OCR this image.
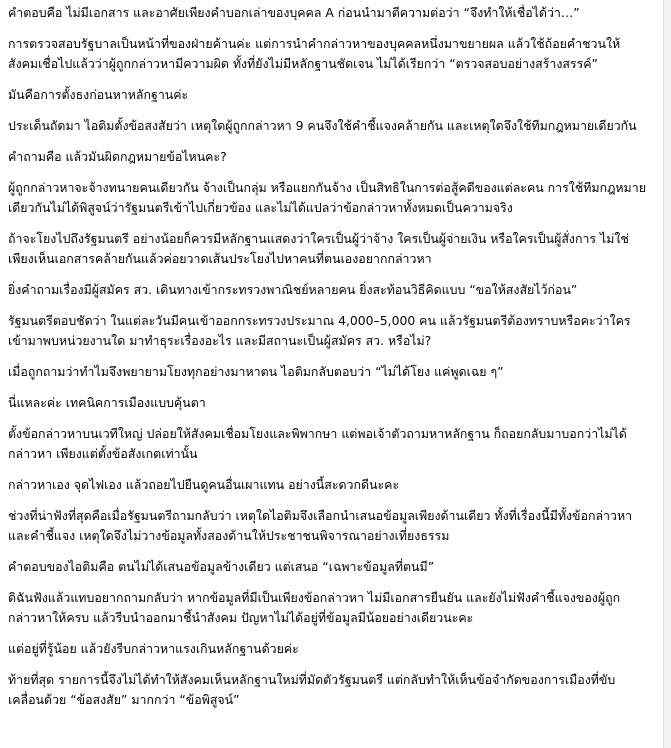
คำตอบคือ ไม่มีเอกสาร และอาศัยเพียงคำบอกเล่าของบุคคล A ก่อนนำมาตีความต่อว่า “จึงทำให้เชื่อได้ว่า…”

การตรวจสอบรัฐบาลเป็นหน้าที่ของฝ่ายค้านค่ะ แต่การนำคำกล่าวหาของบุคคลหนึ่งมาขยายผล แล้วใช้ถ้อยคำชวนให้สังคมเชื่อไปแล้วว่าผู้ถูกกล่าวหามีความผิด ทั้งที่ยังไม่มีหลักฐานชัดเจน ไม่ได้เรียกว่า “ตรวจสอบอย่างสร้างสรรค์”

มันคือการตั้งธงก่อนหาหลักฐานค่ะ

ประเด็นถัดมา ไอติมตั้งข้อสงสัยว่า เหตุใดผู้ถูกกล่าวหา 9 คนจึงใช้คำชี้แจงคล้ายกัน และเหตุใดจึงใช้ทีมกฎหมายเดียวกัน

คำถามคือ แล้วมันผิดกฎหมายข้อไหนคะ?

ผู้ถูกกล่าวหาจะจ้างทนายคนเดียวกัน จ้างเป็นกลุ่ม หรือแยกกันจ้าง เป็นสิทธิในการต่อสู้คดีของแต่ละคน การใช้ทีมกฎหมายเดียวกันไม่ได้พิสูจน์ว่ารัฐมนตรีเข้าไปเกี่ยวข้อง และไม่ได้แปลว่าข้อกล่าวหาทั้งหมดเป็นความจริง

ถ้าจะโยงไปถึงรัฐมนตรี อย่างน้อยก็ควรมีหลักฐานแสดงว่าใครเป็นผู้ว่าจ้าง ใครเป็นผู้จ่ายเงิน หรือใครเป็นผู้สั่งการ ไม่ใช่เพียงเห็นเอกสารคล้ายกันแล้วค่อยวาดเส้นประโยงไปหาคนที่ตนเองอยากกล่าวหา

ยิ่งคำถามเรื่องมีผู้สมัคร สว. เดินทางเข้ากระทรวงพาณิชย์หลายคน ยิ่งสะท้อนวิธีคิดแบบ “ขอให้สงสัยไว้ก่อน”

รัฐมนตรีตอบชัดว่า ในแต่ละวันมีคนเข้าออกกระทรวงประมาณ 4,000–5,000 คน แล้วรัฐมนตรีต้องทราบหรือคะว่าใครเข้ามาพบหน่วยงานใด มาทำธุระเรื่องอะไร และมีสถานะเป็นผู้สมัคร สว. หรือไม่?

เมื่อถูกถามว่าทำไมจึงพยายามโยงทุกอย่างมาหาตน ไอติมกลับตอบว่า “ไม่ได้โยง แค่พูดเฉย ๆ”

นี่แหละค่ะ เทคนิคการเมืองแบบคุ้นตา

ตั้งข้อกล่าวหาบนเวทีใหญ่ ปล่อยให้สังคมเชื่อมโยงและพิพากษา แต่พอเจ้าตัวถามหาหลักฐาน ก็ถอยกลับมาบอกว่าไม่ได้กล่าวหา เพียงแต่ตั้งข้อสังเกตเท่านั้น

กล่าวหาเอง จุดไฟเอง แล้วถอยไปยืนดูคนอื่นเผาแทน อย่างนี้สะดวกดีนะคะ

ช่วงที่น่าฟังที่สุดคือเมื่อรัฐมนตรีถามกลับว่า เหตุใดไอติมจึงเลือกนำเสนอข้อมูลเพียงด้านเดียว ทั้งที่เรื่องนี้มีทั้งข้อกล่าวหาและคำชี้แจง เหตุใดจึงไม่วางข้อมูลทั้งสองด้านให้ประชาชนพิจารณาอย่างเที่ยงธรรม

คำตอบของไอติมคือ ตนไม่ได้เสนอข้อมูลข้างเดียว แต่เสนอ “เฉพาะข้อมูลที่ตนมี”

ดิฉันฟังแล้วแทบอยากถามกลับว่า หากข้อมูลที่มีเป็นเพียงข้อกล่าวหา ไม่มีเอกสารยืนยัน และยังไม่ฟังคำชี้แจงของผู้ถูกกล่าวหาให้ครบ แล้วรีบนำออกมาชี้นำสังคม ปัญหาไม่ได้อยู่ที่ข้อมูลมีน้อยอย่างเดียวนะคะ

แต่อยู่ที่รู้น้อย แล้วยังรีบกล่าวหาแรงเกินหลักฐานด้วยค่ะ

ท้ายที่สุด รายการนี้จึงไม่ได้ทำให้สังคมเห็นหลักฐานใหม่ที่มัดตัวรัฐมนตรี แต่กลับทำให้เห็นข้อจำกัดของการเมืองที่ขับเคลื่อนด้วย “ข้อสงสัย” มากกว่า “ข้อพิสูจน์”
